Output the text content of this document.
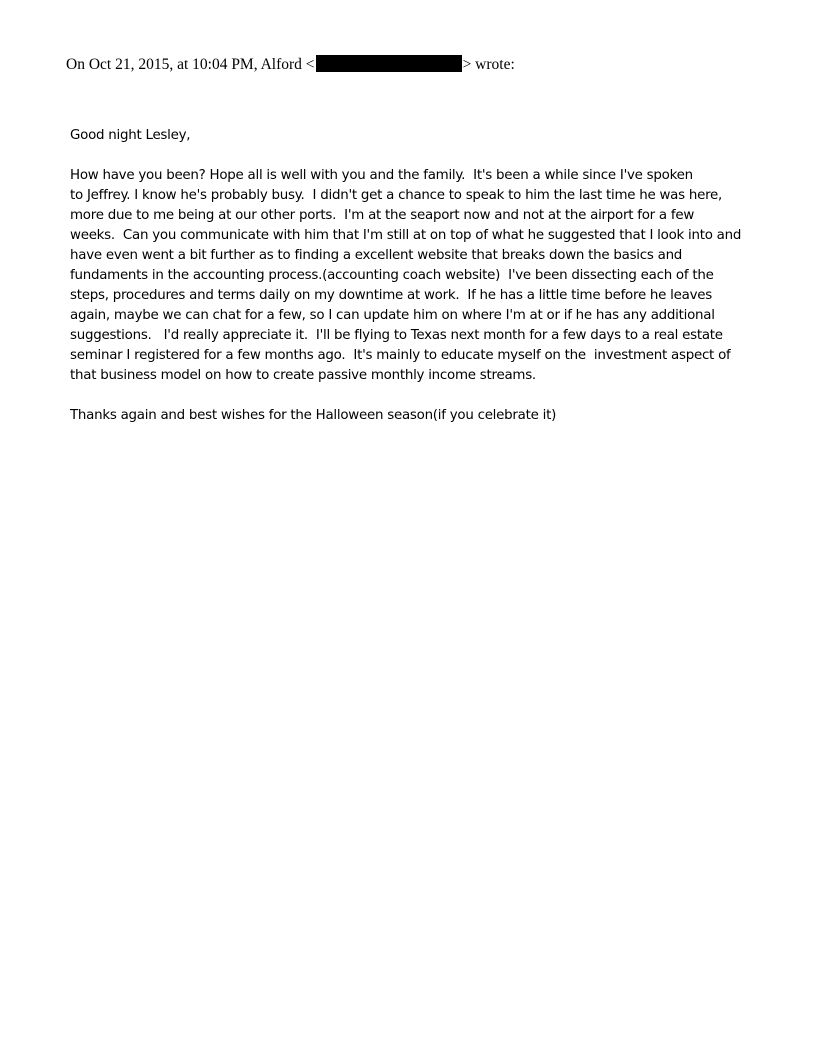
On Oct 21, 2015, at 10:04 PM, Alford <	> wrote:

Good night Lesley,

How have you been? Hope all is well with you and the family.  It's been a while since I've spoken
to Jeffrey. I know he's probably busy.  I didn't get a chance to speak to him the last time he was here,
more due to me being at our other ports.  I'm at the seaport now and not at the airport for a few
weeks.  Can you communicate with him that I'm still at on top of what he suggested that I look into and
have even went a bit further as to finding a excellent website that breaks down the basics and
fundaments in the accounting process.(accounting coach website)  I've been dissecting each of the
steps, procedures and terms daily on my downtime at work.  If he has a little time before he leaves
again, maybe we can chat for a few, so I can update him on where I'm at or if he has any additional
suggestions.   I'd really appreciate it.  I'll be flying to Texas next month for a few days to a real estate
seminar I registered for a few months ago.  It's mainly to educate myself on the  investment aspect of
that business model on how to create passive monthly income streams.

Thanks again and best wishes for the Halloween season(if you celebrate it)
